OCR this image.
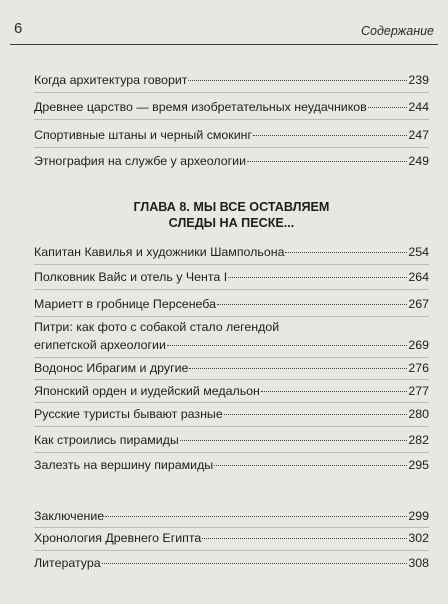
6	Содержание
Когда архитектура говорит	239
Древнее царство — время изобретательных неудачников	244
Спортивные штаны и черный смокинг	247
Этнография на службе у археологии	249
ГЛАВА 8. МЫ ВСЕ ОСТАВЛЯЕМ
СЛЕДЫ НА ПЕСКЕ...
Капитан Кавилья и художники Шампольона	254
Полковник Вайс и отель у Чента I	264
Мариетт в гробнице Персенеба	267
Питри: как фото с собакой стало легендой
египетской археологии	269
Водонос Ибрагим и другие	276
Японский орден и иудейский медальон	277
Русские туристы бывают разные	280
Как строились пирамиды	282
Залезть на вершину пирамиды	295
Заключение	299
Хронология Древнего Египта	302
Литература	308
